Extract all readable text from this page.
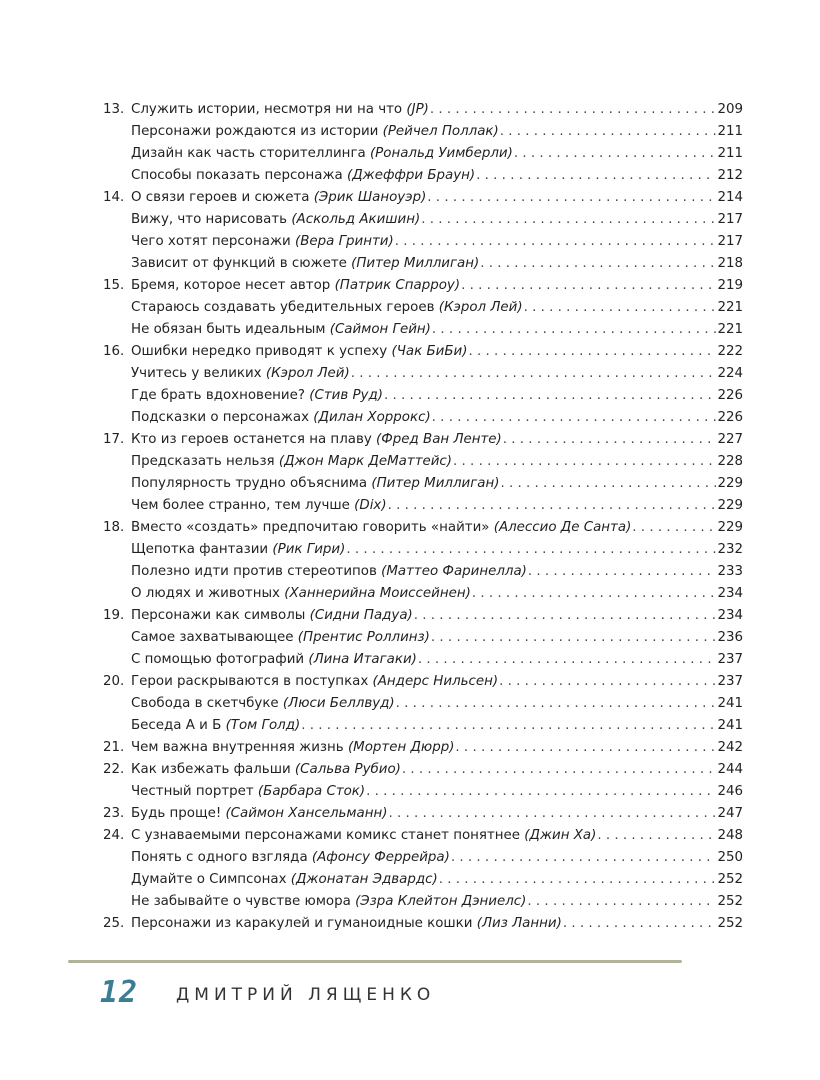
13. Служить истории, несмотря ни на что (JP) . . .	209
Персонажи рождаются из истории (Рейчел Поллак) . . .	211
Дизайн как часть сторителлинга (Рональд Уимберли) . . .	211
Способы показать персонажа (Джеффри Браун) . . .	212
14. О связи героев и сюжета (Эрик Шаноуэр) . . .	214
Вижу, что нарисовать (Аскольд Акишин) . . .	217
Чего хотят персонажи (Вера Гринти) . . .	217
Зависит от функций в сюжете (Питер Миллиган) . . .	218
15. Бремя, которое несет автор (Патрик Спарроу) . . .	219
Стараюсь создавать убедительных героев (Кэрол Лей) . . .	221
Не обязан быть идеальным (Саймон Гейн) . . .	221
16. Ошибки нередко приводят к успеху (Чак БиБи) . . .	222
Учитесь у великих (Кэрол Лей) . . .	224
Где брать вдохновение? (Стив Руд) . . .	226
Подсказки о персонажах (Дилан Хоррокс) . . .	226
17. Кто из героев останется на плаву (Фред Ван Ленте) . . .	227
Предсказать нельзя (Джон Марк ДеМаттейс) . . .	228
Популярность трудно объяснима (Питер Миллиган) . . .	229
Чем более странно, тем лучше (Dix) . . .	229
18. Вместо «создать» предпочитаю говорить «найти» (Алессио Де Санта) . . .	229
Щепотка фантазии (Рик Гири) . . .	232
Полезно идти против стереотипов (Маттео Фаринелла) . . .	233
О людях и животных (Ханнерийна Моиссейнен) . . .	234
19. Персонажи как символы (Сидни Падуа) . . .	234
Самое захватывающее (Прентис Роллинз) . . .	236
С помощью фотографий (Лина Итагаки) . . .	237
20. Герои раскрываются в поступках (Андерс Нильсен) . . .	237
Свобода в скетчбуке (Люси Беллвуд) . . .	241
Беседа А и Б (Том Голд) . . .	241
21. Чем важна внутренняя жизнь (Мортен Дюрр) . . .	242
22. Как избежать фальши (Сальва Рубио) . . .	244
Честный портрет (Барбара Сток) . . .	246
23. Будь проще! (Саймон Хансельманн) . . .	247
24. С узнаваемыми персонажами комикс станет понятнее (Джин Ха) . . .	248
Понять с одного взгляда (Афонсу Феррейра) . . .	250
Думайте о Симпсонах (Джонатан Эдвардс) . . .	252
Не забывайте о чувстве юмора (Эзра Клейтон Дэниелс) . . .	252
25. Персонажи из каракулей и гуманоидные кошки (Лиз Ланни) . . .	252
12 ДМИТРИЙ ЛЯЩЕНКО
